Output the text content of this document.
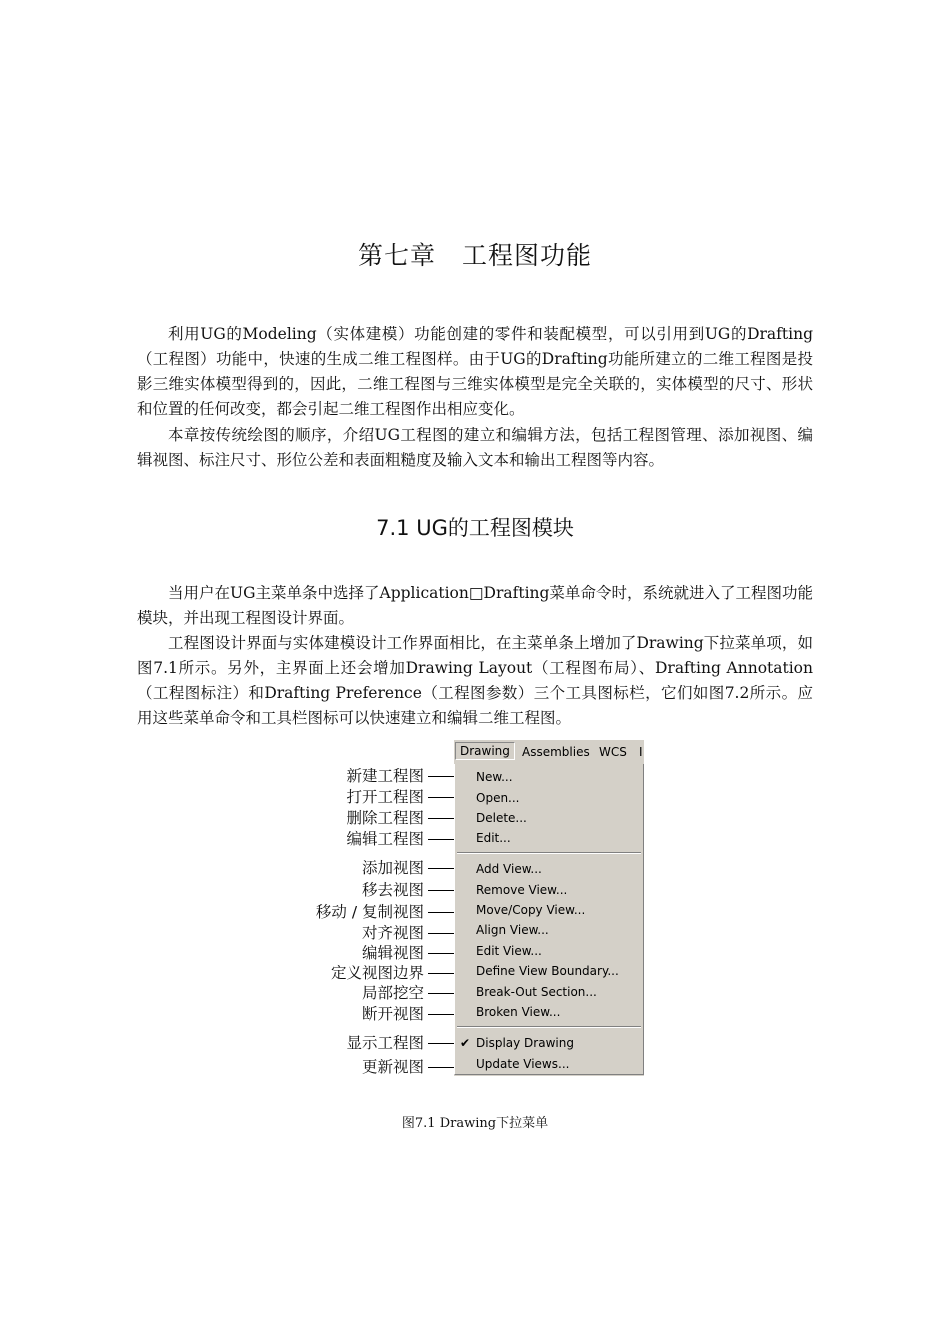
第七章　工程图功能

利用UG的Modeling（实体建模）功能创建的零件和装配模型，可以引用到UG的Drafting（工程图）功能中，快速的生成二维工程图样。由于UG的Drafting功能所建立的二维工程图是投影三维实体模型得到的，因此，二维工程图与三维实体模型是完全关联的，实体模型的尺寸、形状和位置的任何改变，都会引起二维工程图作出相应变化。

本章按传统绘图的顺序，介绍UG工程图的建立和编辑方法，包括工程图管理、添加视图、编辑视图、标注尺寸、形位公差和表面粗糙度及输入文本和输出工程图等内容。

7.1 UG的工程图模块

当用户在UG主菜单条中选择了Application□Drafting菜单命令时，系统就进入了工程图功能模块，并出现工程图设计界面。

工程图设计界面与实体建模设计工作界面相比，在主菜单条上增加了Drawing下拉菜单项，如图7.1所示。另外，主界面上还会增加Drawing Layout（工程图布局）、Drafting Annotation（工程图标注）和Drafting Preference（工程图参数）三个工具图标栏，它们如图7.2所示。应用这些菜单命令和工具栏图标可以快速建立和编辑二维工程图。

新建工程图
打开工程图
删除工程图
编辑工程图
添加视图
移去视图
移动 / 复制视图
对齐视图
编辑视图
定义视图边界
局部挖空
断开视图
显示工程图
更新视图
Drawing	Assemblies WCS I
New...
Open...
Delete...
Edit...
Add View...
Remove View...
Move/Copy View...
Align View...
Edit View...
Define View Boundary...
Break-Out Section...
Broken View...
✔ Display Drawing
Update Views...
图7.1 Drawing下拉菜单
